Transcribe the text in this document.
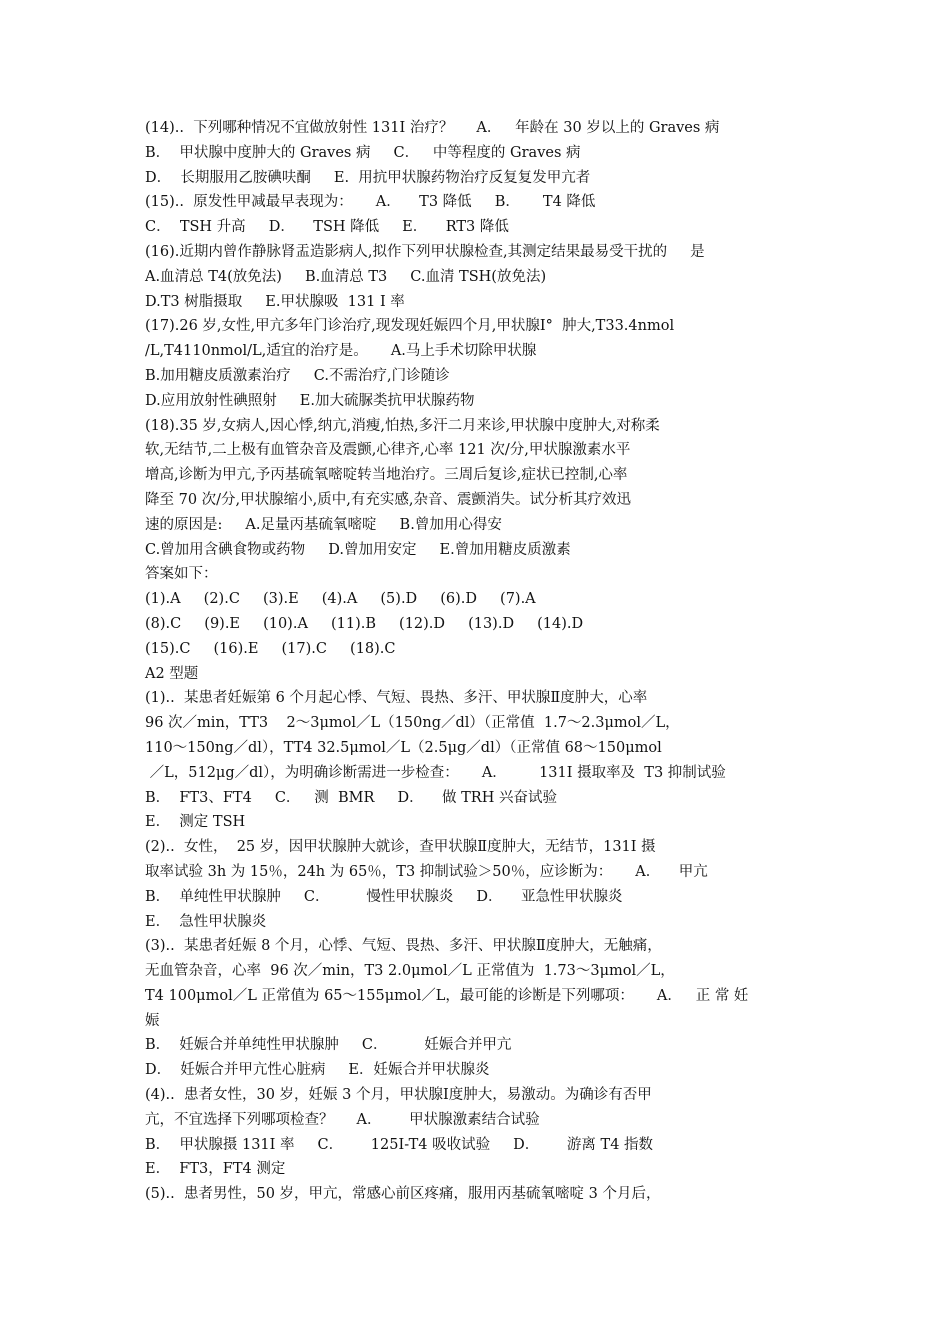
(14)..  下列哪种情况不宜做放射性 131I 治疗？     A．   年龄在 30 岁以上的 Graves 病
B．  甲状腺中度肿大的 Graves 病     C．   中等程度的 Graves 病
D．  长期服用乙胺碘呋酮     E.  用抗甲状腺药物治疗反复复发甲亢者
(15)..  原发性甲减最早表现为：     A．    T3 降低     B．     T4 降低
C．  TSH 升高     D．    TSH 降低     E．    RT3 降低
(16).近期内曾作静脉肾盂造影病人,拟作下列甲状腺检查,其测定结果最易受干扰的     是
A.血清总 T4(放免法)     B.血清总 T3     C.血清 TSH(放免法)
D.T3 树脂摄取     E.甲状腺吸  131 I 率
(17).26 岁,女性,甲亢多年门诊治疗,现发现妊娠四个月,甲状腺Ⅰ°  肿大,T33.4nmol
/L,T4110nmol/L,适宜的治疗是。     A.马上手术切除甲状腺
B.加用糖皮质激素治疗     C.不需治疗,门诊随诊
D.应用放射性碘照射     E.加大硫脲类抗甲状腺药物
(18).35 岁,女病人,因心悸,纳亢,消瘦,怕热,多汗二月来诊,甲状腺中度肿大,对称柔
软,无结节,二上极有血管杂音及震颤,心律齐,心率 121 次/分,甲状腺激素水平
增高,诊断为甲亢,予丙基硫氧嘧啶转当地治疗。三周后复诊,症状已控制,心率
降至 70 次/分,甲状腺缩小,质中,有充实感,杂音、震颤消失。试分析其疗效迅
速的原因是:     A.足量丙基硫氧嘧啶     B.曾加用心得安
C.曾加用含碘食物或药物     D.曾加用安定     E.曾加用糖皮质激素
答案如下：
(1).A     (2).C     (3).E     (4).A     (5).D     (6).D     (7).A
(8).C     (9).E     (10).A     (11).B     (12).D     (13).D     (14).D
(15).C     (16).E     (17).C     (18).C
A2 型题
(1)..  某患者妊娠第 6 个月起心悸、气短、畏热、多汗、甲状腺Ⅱ度肿大，心率
96 次／min，TT3    2～3μmol／L（150ng／dl）（正常值  1.7～2.3μmol／L，
110～150ng／dl），TT4 32.5μmol／L（2.5μg／dl）（正常值 68～150μmol
／L，512μg／dl），为明确诊断需进一步检查：     A．       131I 摄取率及  T3 抑制试验
B．  FT3、FT4     C．   测  BMR     D．    做 TRH 兴奋试验
E．  测定 TSH
(2)..  女性，  25 岁，因甲状腺肿大就诊，查甲状腺Ⅱ度肿大，无结节，131I 摄
取率试验 3h 为 15％，24h 为 65％，T3 抑制试验＞50％，应诊断为：     A．    甲亢
B．  单纯性甲状腺肿     C．        慢性甲状腺炎     D．    亚急性甲状腺炎
E．  急性甲状腺炎
(3)..  某患者妊娠 8 个月，心悸、气短、畏热、多汗、甲状腺Ⅱ度肿大，无触痛，
无血管杂音，心率  96 次／min，T3 2.0μmol／L 正常值为  1.73～3μmol／L，
T4 100μmol／L 正常值为 65～155μmol／L，最可能的诊断是下列哪项：     A．   正 常 妊
娠
B．  妊娠合并单纯性甲状腺肿     C．        妊娠合并甲亢
D．  妊娠合并甲亢性心脏病     E．妊娠合并甲状腺炎
(4)..  患者女性，30 岁，妊娠 3 个月，甲状腺Ⅰ度肿大，易激动。为确诊有否甲
亢，不宜选择下列哪项检查？     A．      甲状腺激素结合试验
B．  甲状腺摄 131I 率     C．      125I-T4 吸收试验     D．      游离 T4 指数
E．  FT3，FT4 测定
(5)..  患者男性，50 岁，甲亢，常感心前区疼痛，服用丙基硫氧嘧啶 3 个月后，
